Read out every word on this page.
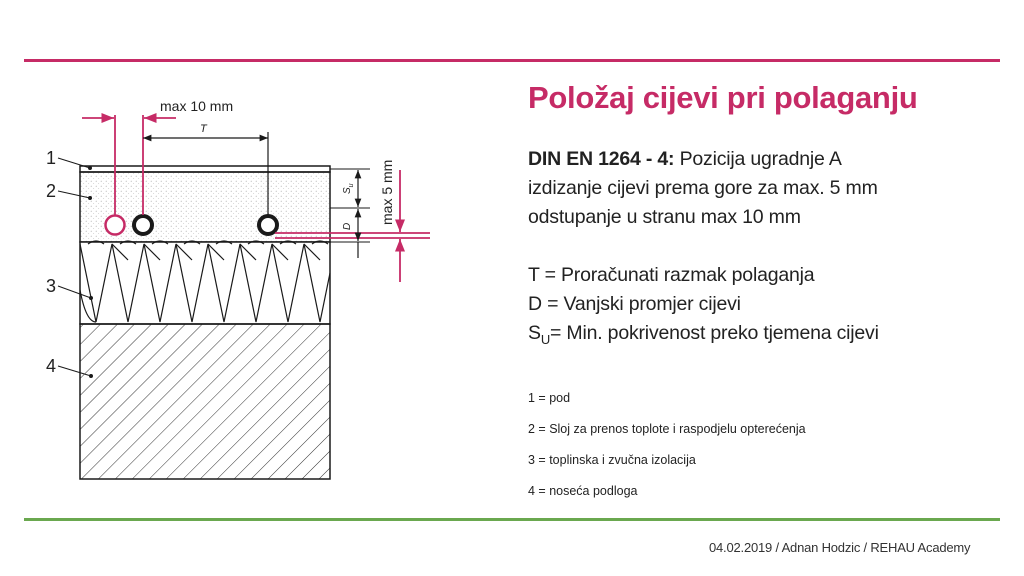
max 10 mm
T
$S_u$
D
max 5 mm
1
2
3
4
Položaj cijevi pri polaganju
DIN EN 1264 - 4: Pozicija ugradnje A
izdizanje cijevi prema gore za max. 5 mm
odstupanje u stranu max 10 mm
T = Proračunati razmak polaganja
D = Vanjski promjer cijevi
$S_U=$ Min. pokrivenost preko tjemena cijevi
1 = pod
2 = Sloj za prenos toplote i raspodjelu opterećenja
3 = toplinska i zvučna izolacija
4 = noseća podloga
04.02.2019 / Adnan Hodzic / REHAU Academy
